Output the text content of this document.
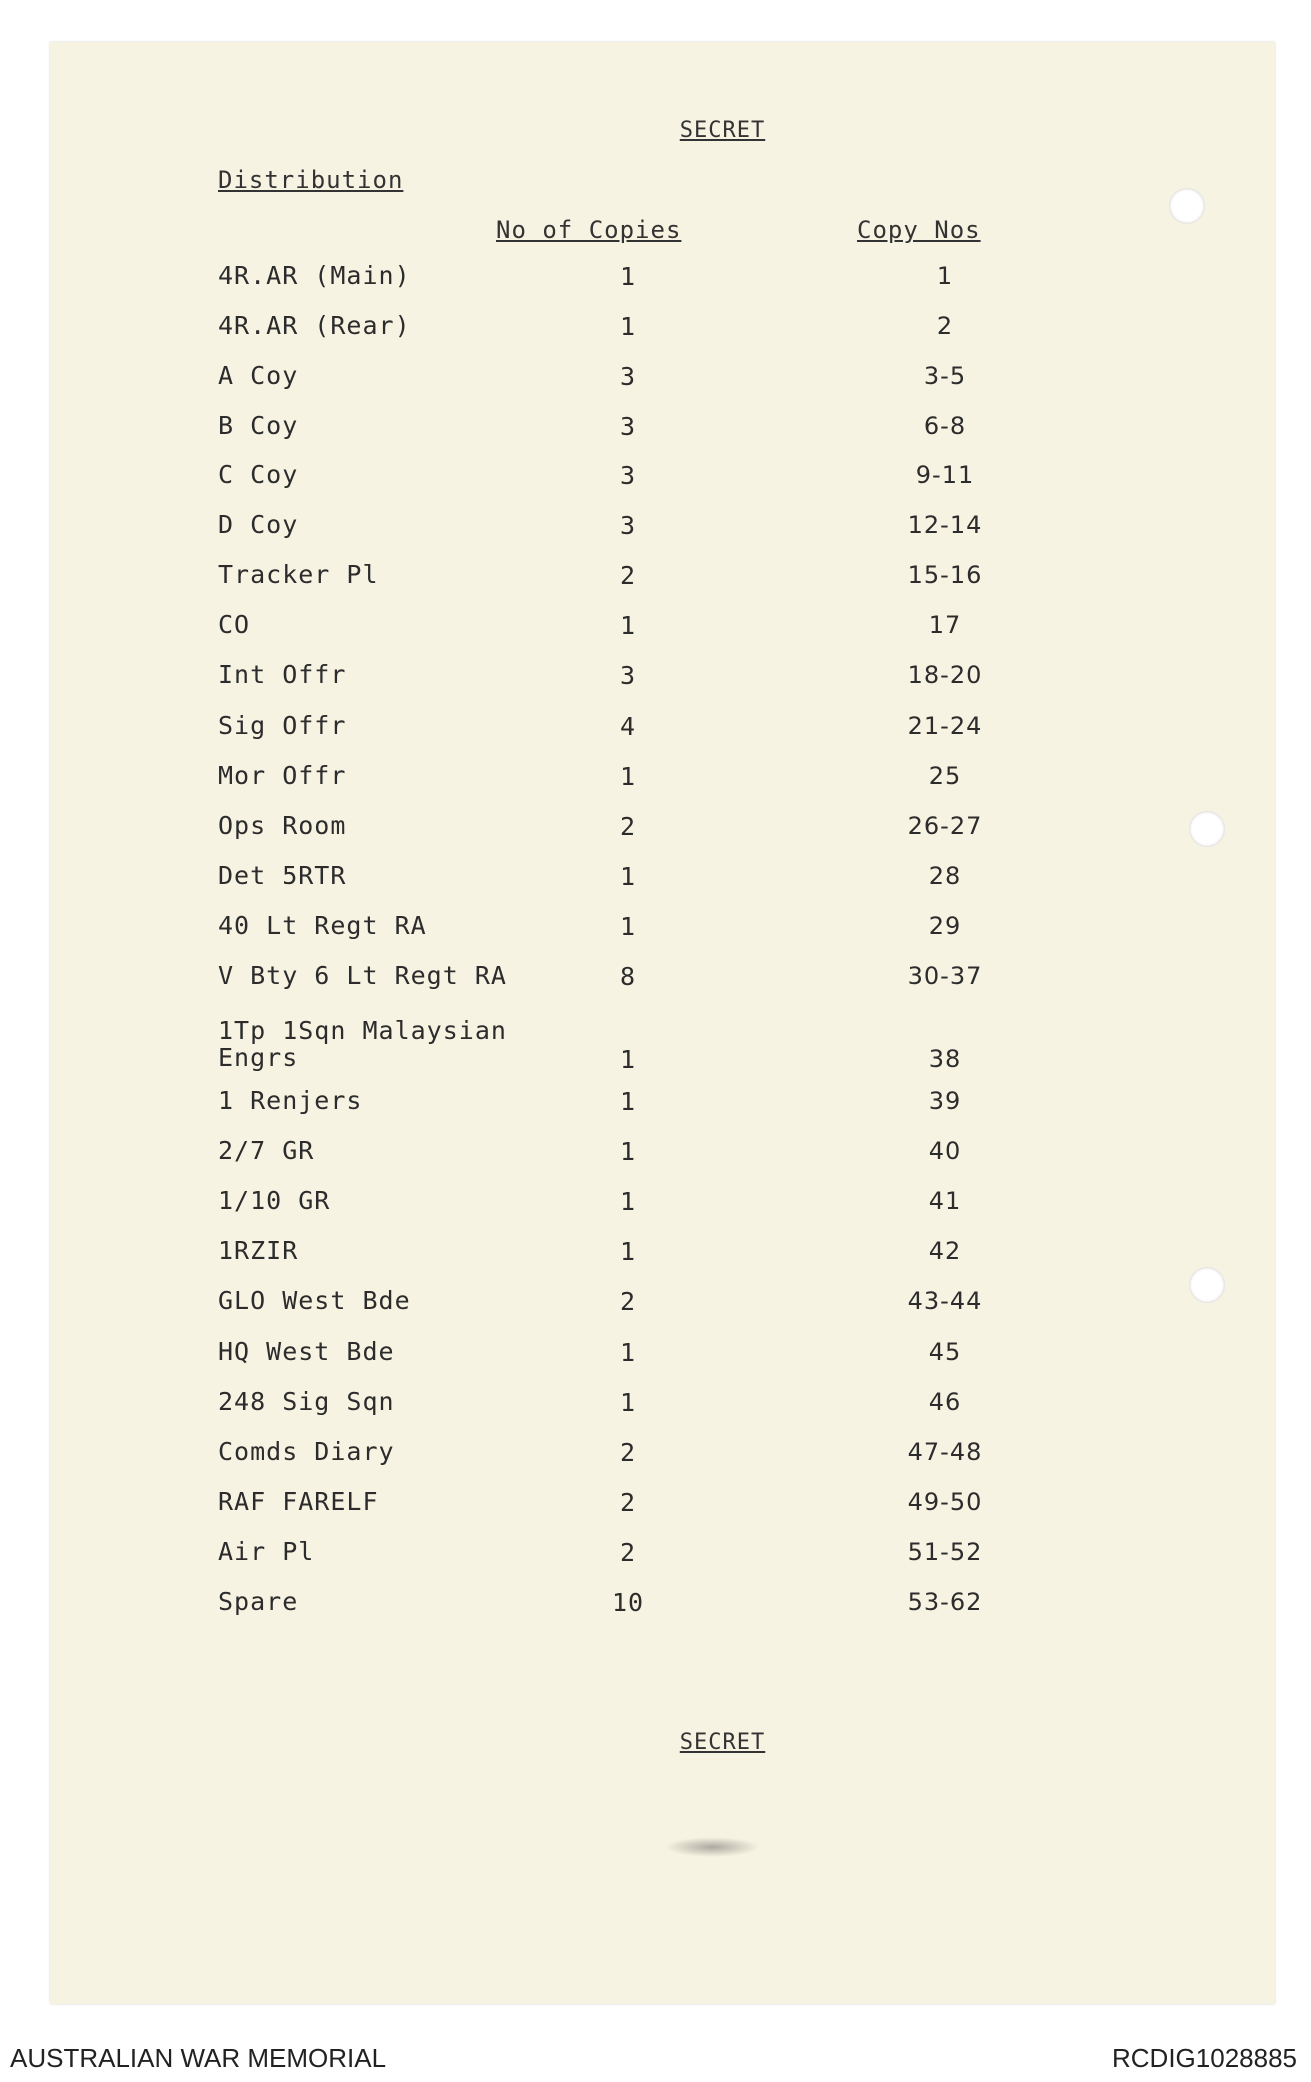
SECRET
Distribution
No of Copies	Copy Nos
4R.AR (Main)	1	1
4R.AR (Rear)	1	2
A Coy	3	3-5
B Coy	3	6-8
C Coy	3	9-11
D Coy	3	12-14
Tracker Pl	2	15-16
CO	1	17
Int Offr	3	18-20
Sig Offr	4	21-24
Mor Offr	1	25
Ops Room	2	26-27
Det 5RTR	1	28
40 Lt Regt RA	1	29
V Bty 6 Lt Regt RA	8	30-37
1Tp 1Sqn Malaysian Engrs	1	38
1 Renjers	1	39
2/7 GR	1	40
1/10 GR	1	41
1RZIR	1	42
GLO West Bde	2	43-44
HQ West Bde	1	45
248 Sig Sqn	1	46
Comds Diary	2	47-48
RAF FARELF	2	49-50
Air Pl	2	51-52
Spare	10	53-62
SECRET
AUSTRALIAN WAR MEMORIAL	RCDIG1028885
